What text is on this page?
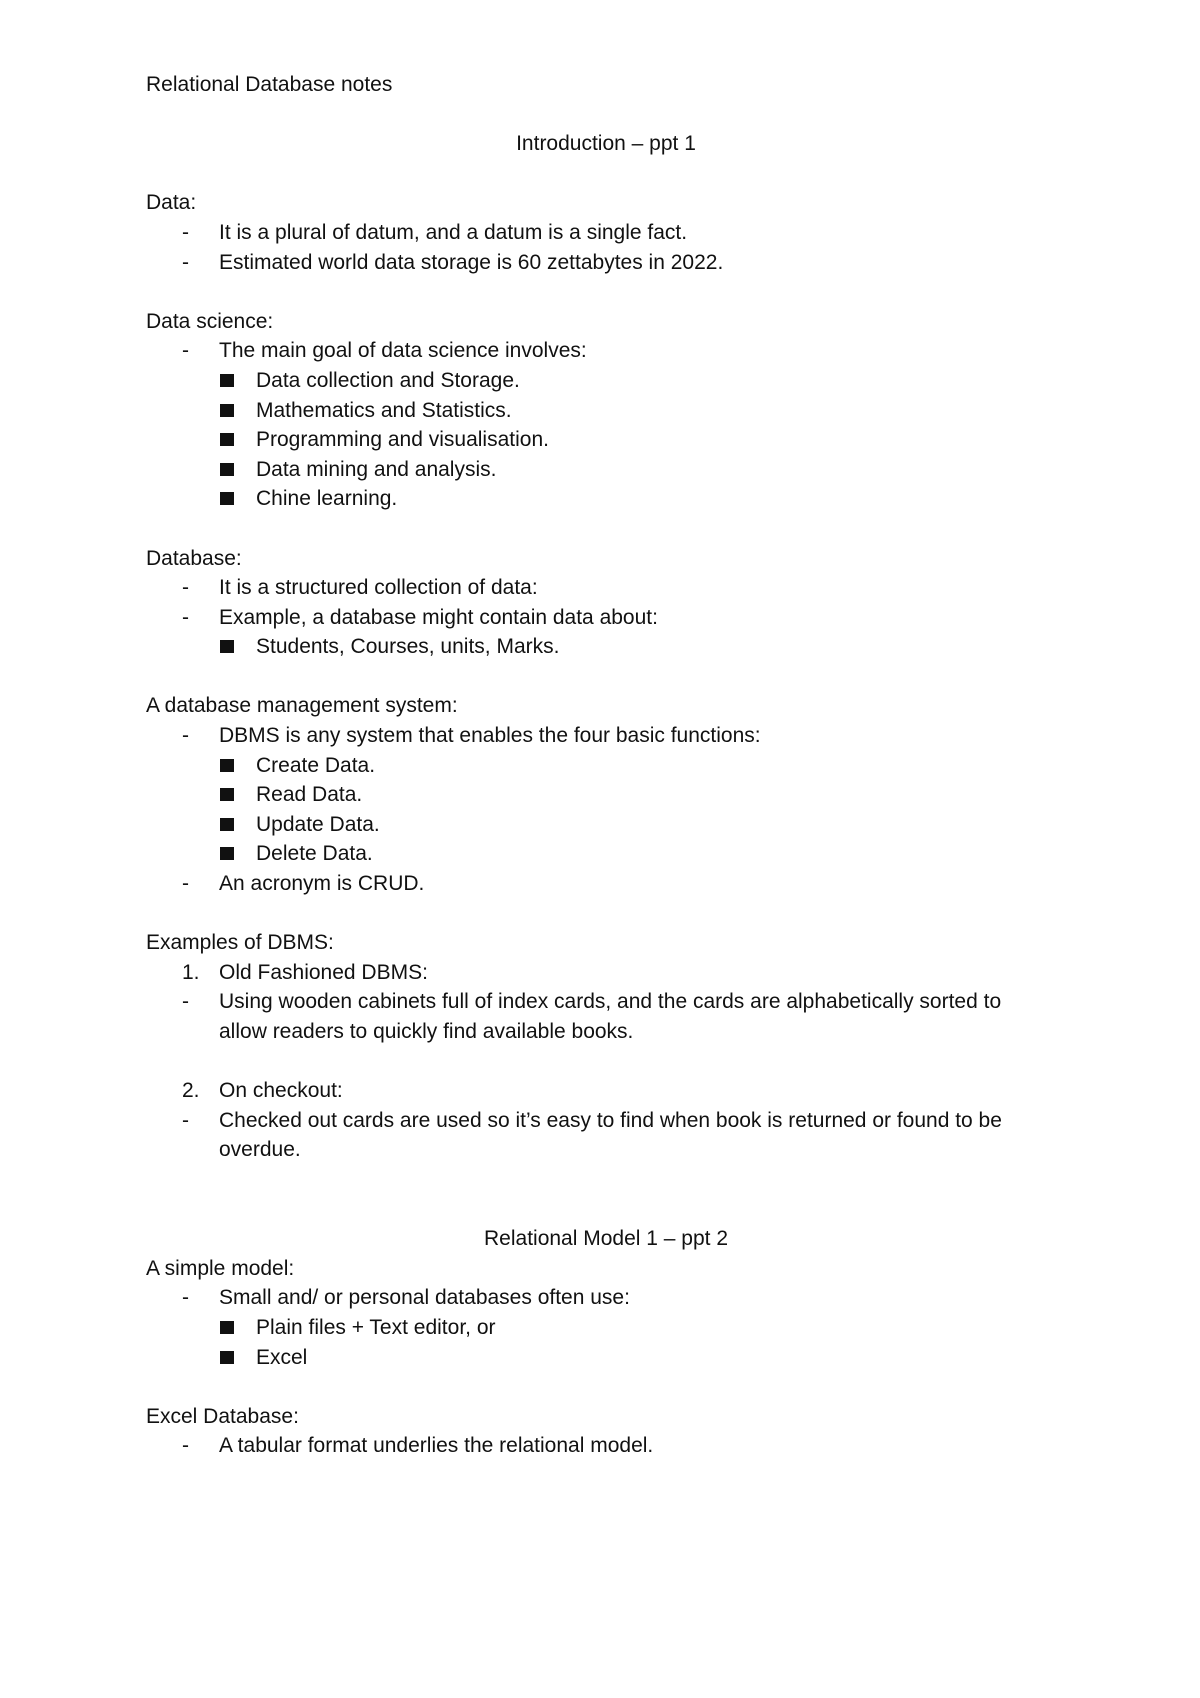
Relational Database notes
Introduction – ppt 1
Data:
- It is a plural of datum, and a datum is a single fact.
- Estimated world data storage is 60 zettabytes in 2022.
Data science:
- The main goal of data science involves:
Data collection and Storage.
Mathematics and Statistics.
Programming and visualisation.
Data mining and analysis.
Chine learning.
Database:
- It is a structured collection of data:
- Example, a database might contain data about:
Students, Courses, units, Marks.
A database management system:
- DBMS is any system that enables the four basic functions:
Create Data.
Read Data.
Update Data.
Delete Data.
- An acronym is CRUD.
Examples of DBMS:
1. Old Fashioned DBMS:
- Using wooden cabinets full of index cards, and the cards are alphabetically sorted to
allow readers to quickly find available books.
2. On checkout:
- Checked out cards are used so it’s easy to find when book is returned or found to be
overdue.
Relational Model 1 – ppt 2
A simple model:
- Small and/ or personal databases often use:
Plain files + Text editor, or
Excel
Excel Database:
- A tabular format underlies the relational model.
